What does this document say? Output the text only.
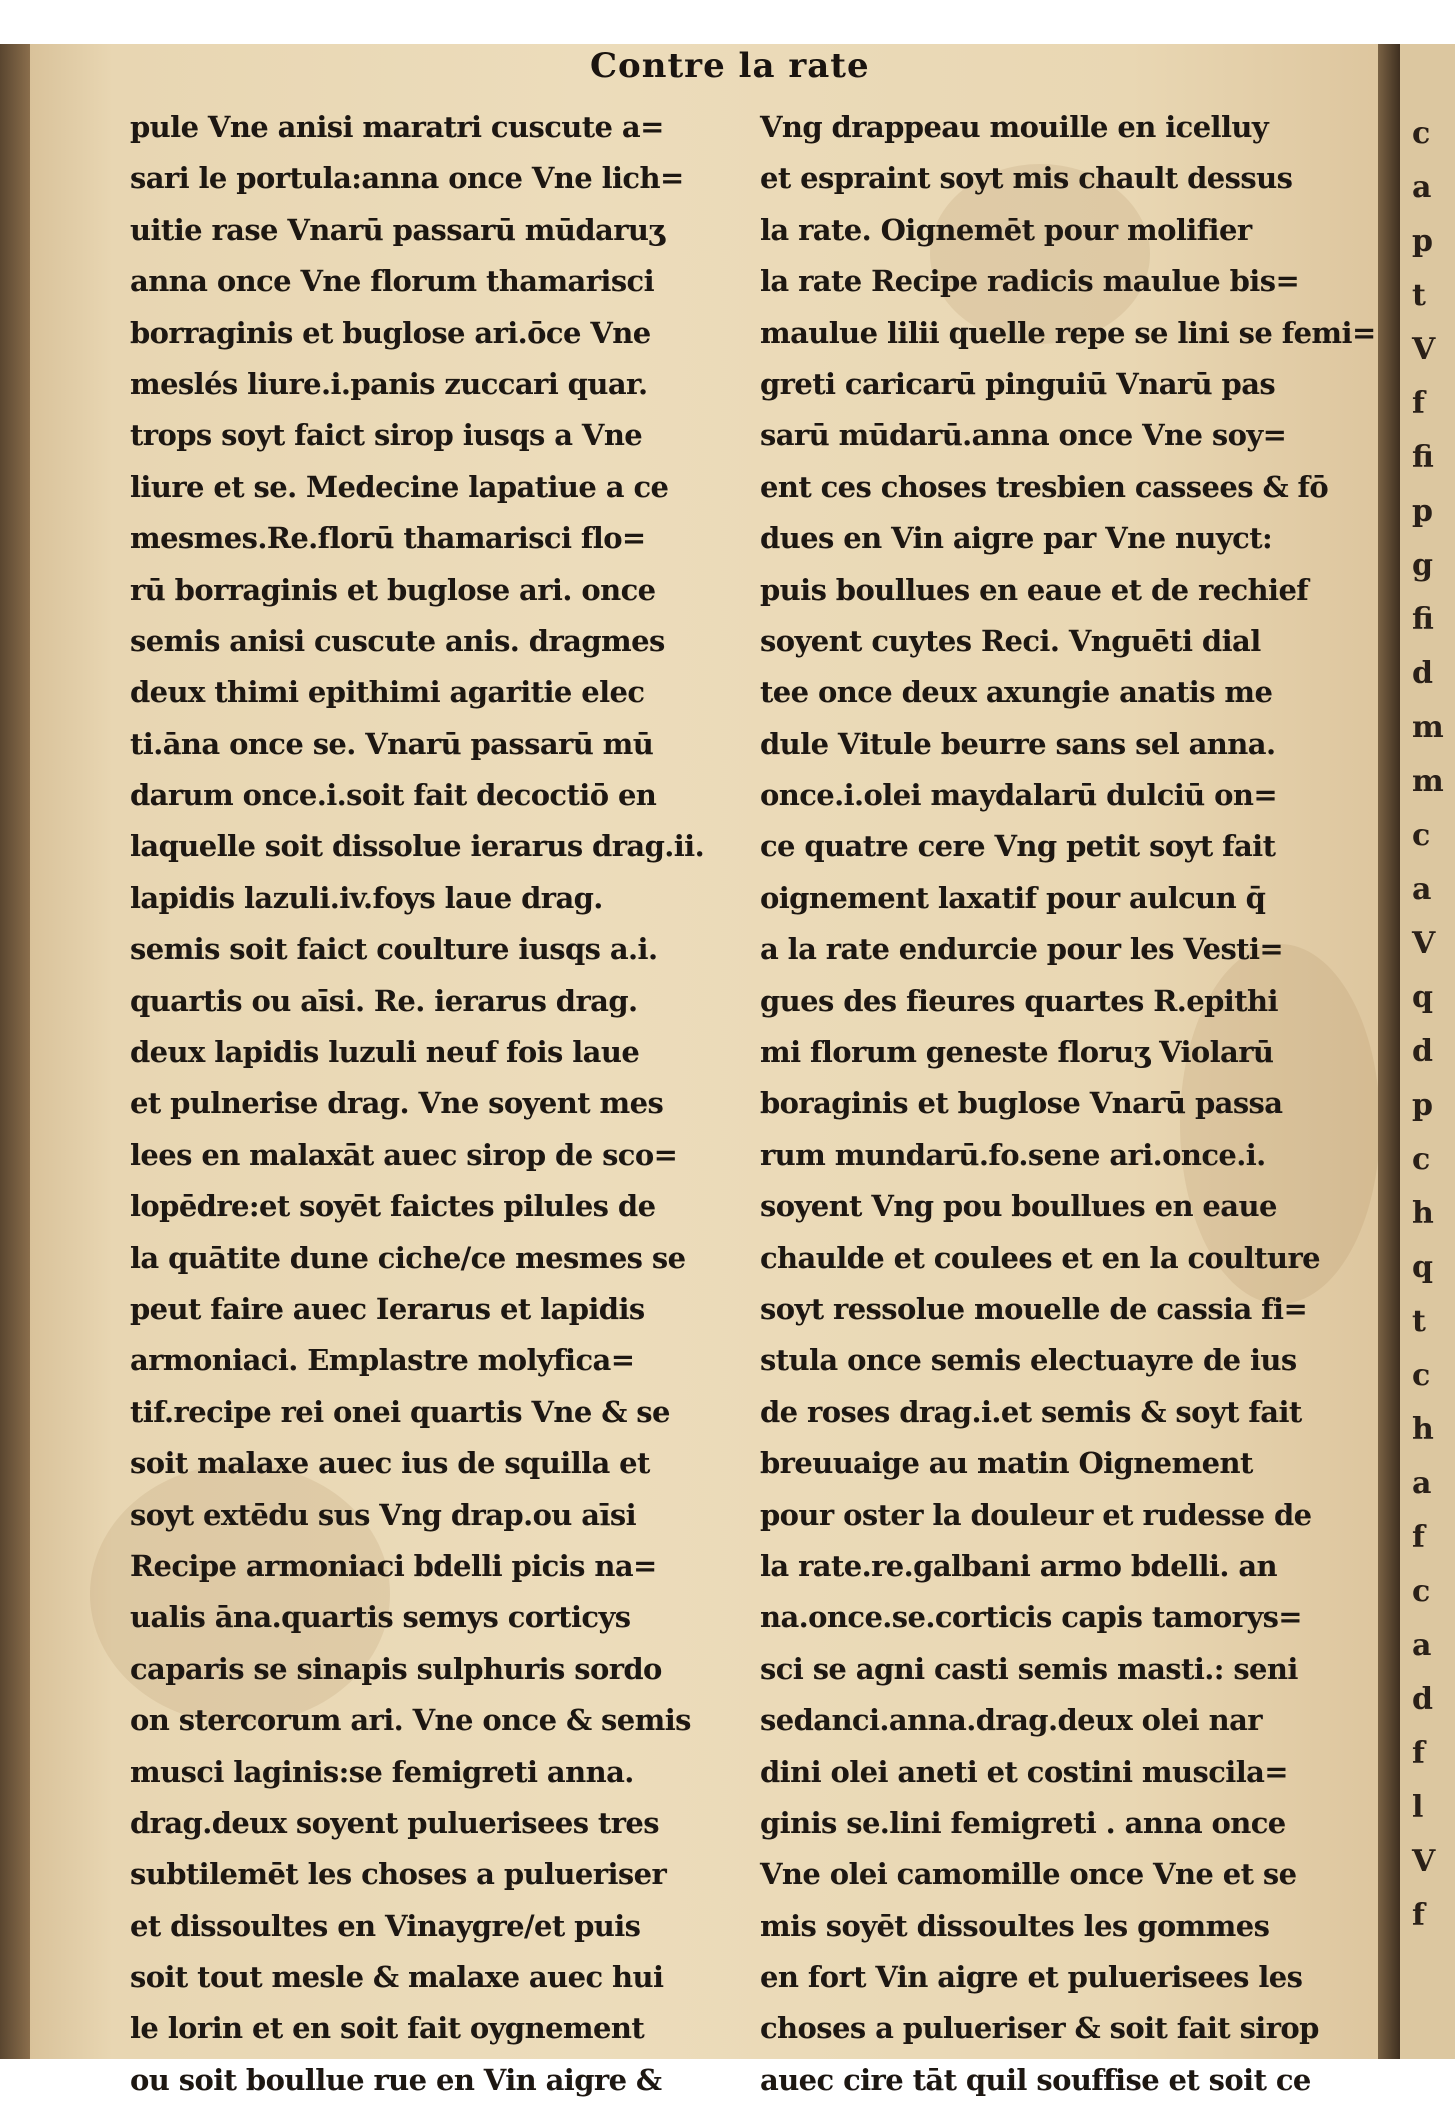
Contre la rate
pule Vne anisi maratri cuscute a=
sari le portula:anna once Vne lich=
uitie rase Vnarū passarū mūdaruʒ
anna once Vne florum thamarisci
borraginis et buglose ari.ōce Vne
meslés liure.i.panis zuccari quar.
trops soyt faict sirop iusqs a Vne
liure et se. Medecine lapatiue a ce
mesmes.Re.florū thamarisci flo=
rū borraginis et buglose ari. once
semis anisi cuscute anis. dragmes
deux thimi epithimi agaritie elec
ti.āna once se. Vnarū passarū mū
darum once.i.soit fait decoctiō en
laquelle soit dissolue ierarus drag.ii.
lapidis lazuli.iv.foys laue drag.
semis soit faict coulture iusqs a.i.
quartis ou aīsi. Re. ierarus drag.
deux lapidis luzuli neuf fois laue
et pulnerise drag. Vne soyent mes
lees en malaxāt auec sirop de sco=
lopēdre:et soyēt faictes pilules de
la quātite dune ciche/ce mesmes se
peut faire auec Ierarus et lapidis
armoniaci. Emplastre molyfica=
tif.recipe rei onei quartis Vne & se
soit malaxe auec ius de squilla et
soyt extēdu sus Vng drap.ou aīsi
Recipe armoniaci bdelli picis na=
ualis āna.quartis semys corticys
caparis se sinapis sulphuris sordo
on stercorum ari. Vne once & semis
musci laginis:se femigreti anna.
drag.deux soyent puluerisees tres
subtilemēt les choses a pulueriser
et dissoultes en Vinaygre/et puis
soit tout mesle & malaxe auec hui
le lorin et en soit fait oygnement
ou soit boullue rue en Vin aigre &
Vng drappeau mouille en icelluy
et espraint soyt mis chault dessus
la rate. Oignemēt pour molifier
la rate Recipe radicis maulue bis=
maulue lilii quelle repe se lini se femi=
greti caricarū pinguiū Vnarū pas
sarū mūdarū.anna once Vne soy=
ent ces choses tresbien cassees & fō
dues en Vin aigre par Vne nuyct:
puis boullues en eaue et de rechief
soyent cuytes Reci. Vnguēti dial
tee once deux axungie anatis me
dule Vitule beurre sans sel anna.
once.i.olei maydalarū dulciū on=
ce quatre cere Vng petit soyt fait
oignement laxatif pour aulcun q̄
a la rate endurcie pour les Vesti=
gues des fieures quartes R.epithi
mi florum geneste floruʒ Violarū
boraginis et buglose Vnarū passa
rum mundarū.fo.sene ari.once.i.
soyent Vng pou boullues en eaue
chaulde et coulees et en la coulture
soyt ressolue mouelle de cassia fi=
stula once semis electuayre de ius
de roses drag.i.et semis & soyt fait
breuuaige au matin Oignement
pour oster la douleur et rudesse de
la rate.re.galbani armo bdelli. an
na.once.se.corticis capis tamorys=
sci se agni casti semis masti.: seni
sedanci.anna.drag.deux olei nar
dini olei aneti et costini muscila=
ginis se.lini femigreti . anna once
Vne olei camomille once Vne et se
mis soyēt dissoultes les gommes
en fort Vin aigre et puluerisees les
choses a pulueriser & soit fait sirop
auec cire tāt quil souffise et soit ce
c
a
p
t
V
f
fi
p
g
fi
d
m
m
c
a
V
q
d
p
c
h
q
t
c
h
a
f
c
a
d
f
l
V
f
